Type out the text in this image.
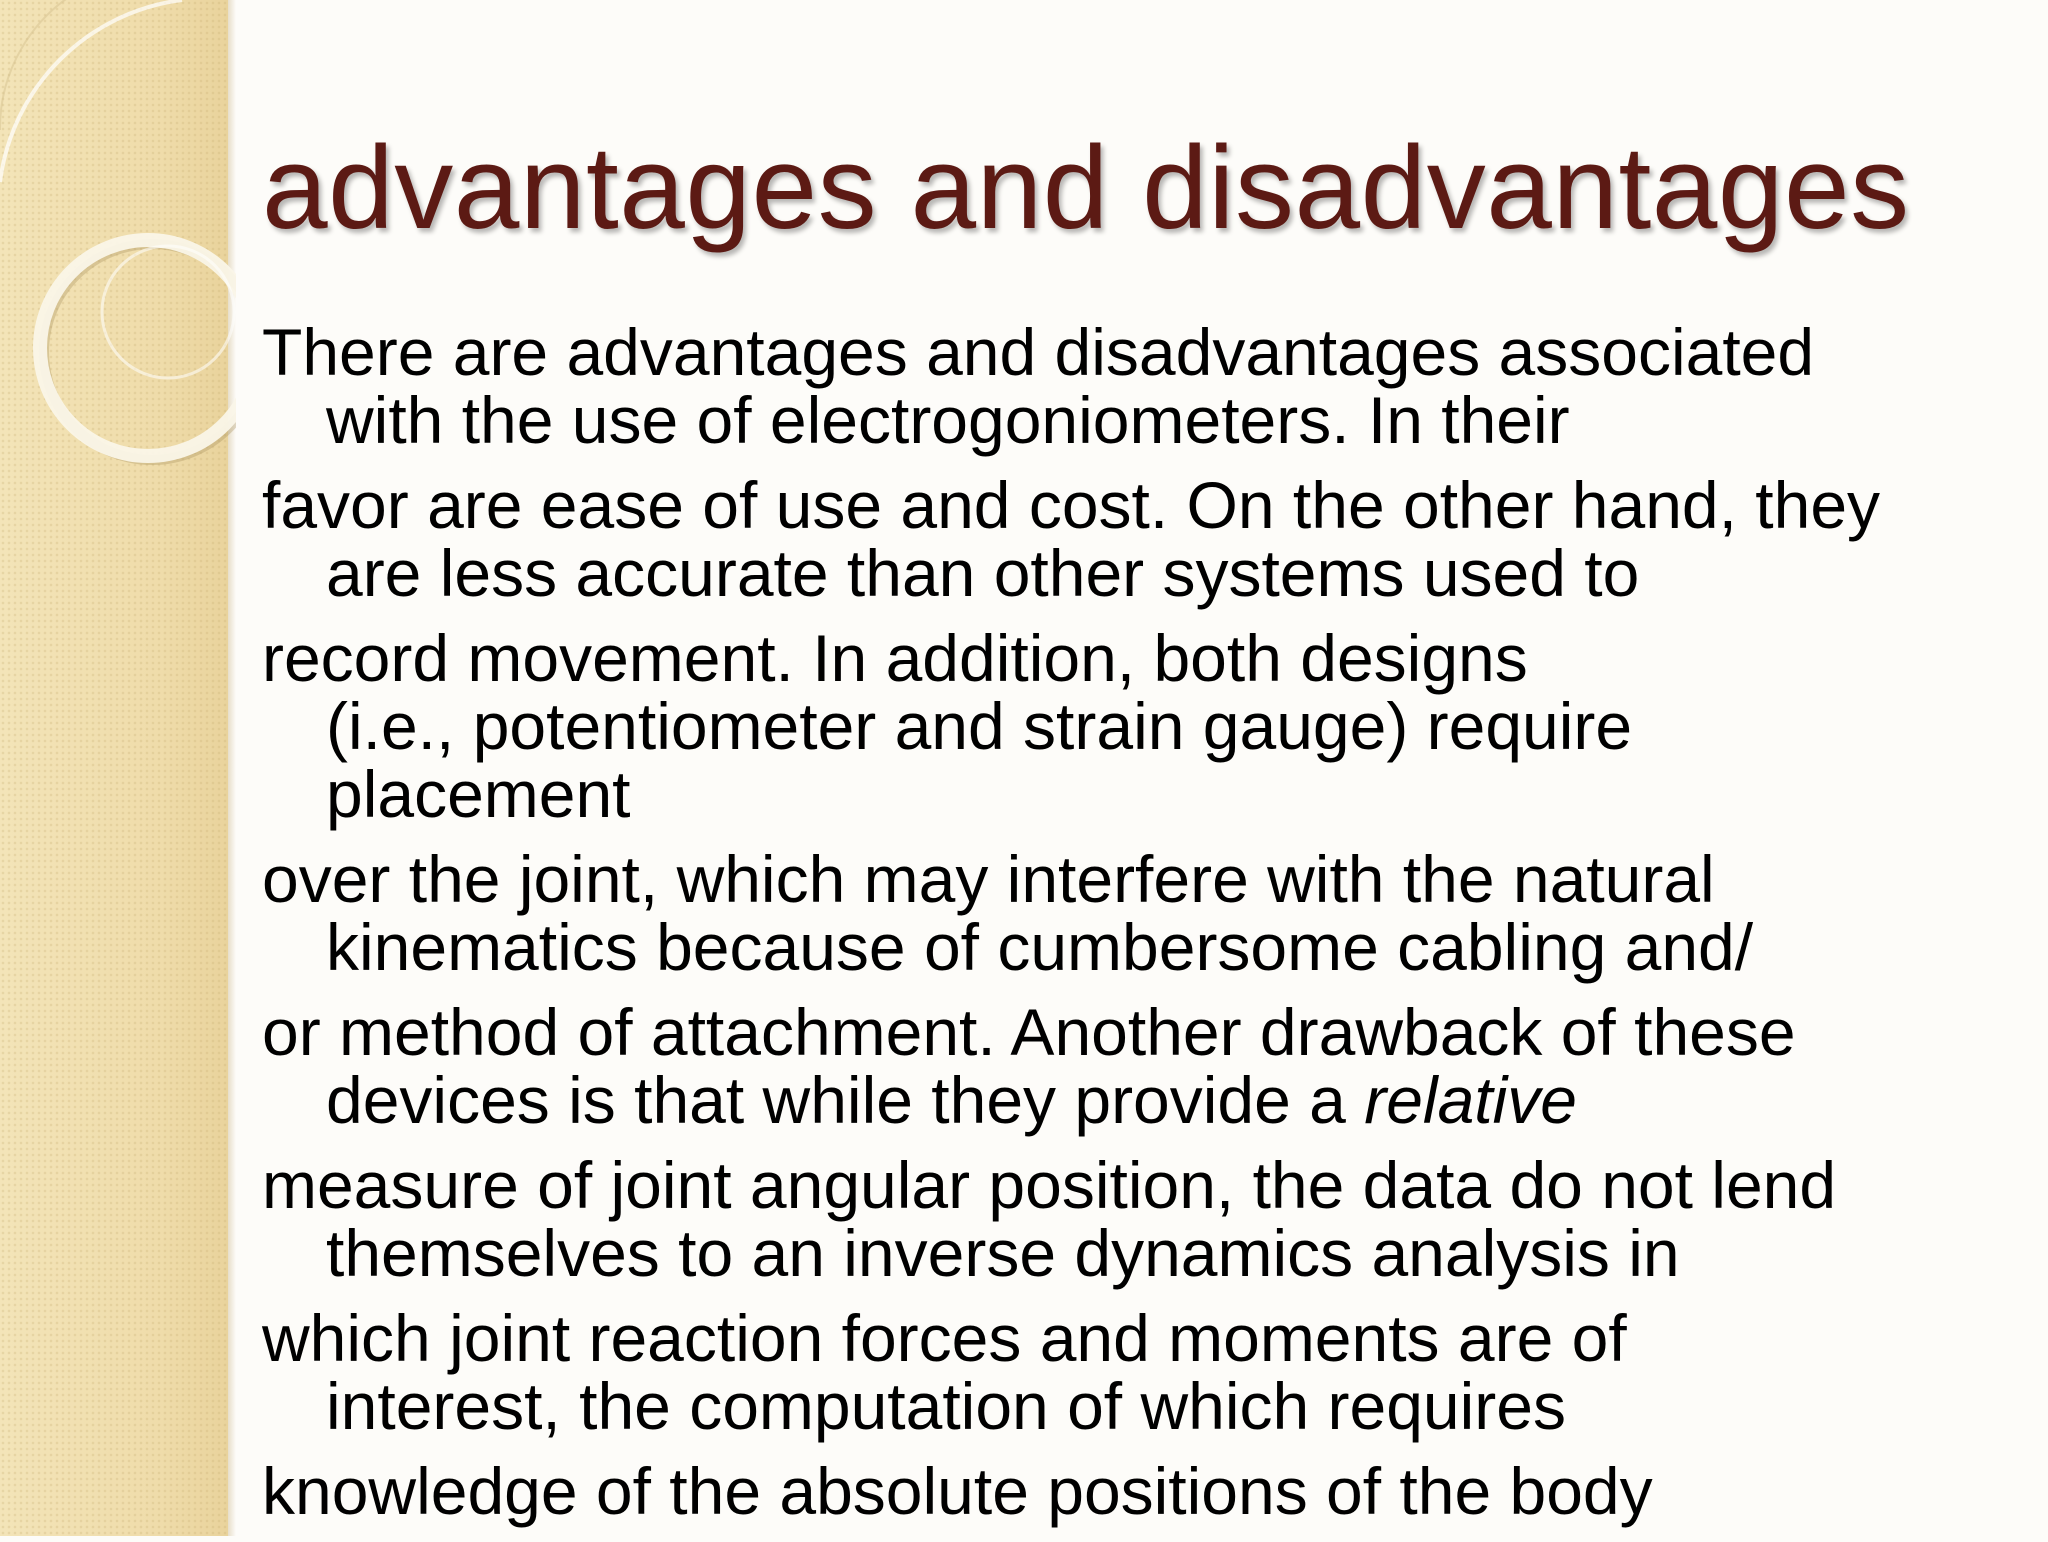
advantages and disadvantages

There are advantages and disadvantages associated
with the use of electrogoniometers. In their

favor are ease of use and cost. On the other hand, they
are less accurate than other systems used to

record movement. In addition, both designs
(i.e., potentiometer and strain gauge) require
placement

over the joint, which may interfere with the natural
kinematics because of cumbersome cabling and/

or method of attachment. Another drawback of these
devices is that while they provide a relative

measure of joint angular position, the data do not lend
themselves to an inverse dynamics analysis in

which joint reaction forces and moments are of
interest, the computation of which requires

knowledge of the absolute positions of the body
